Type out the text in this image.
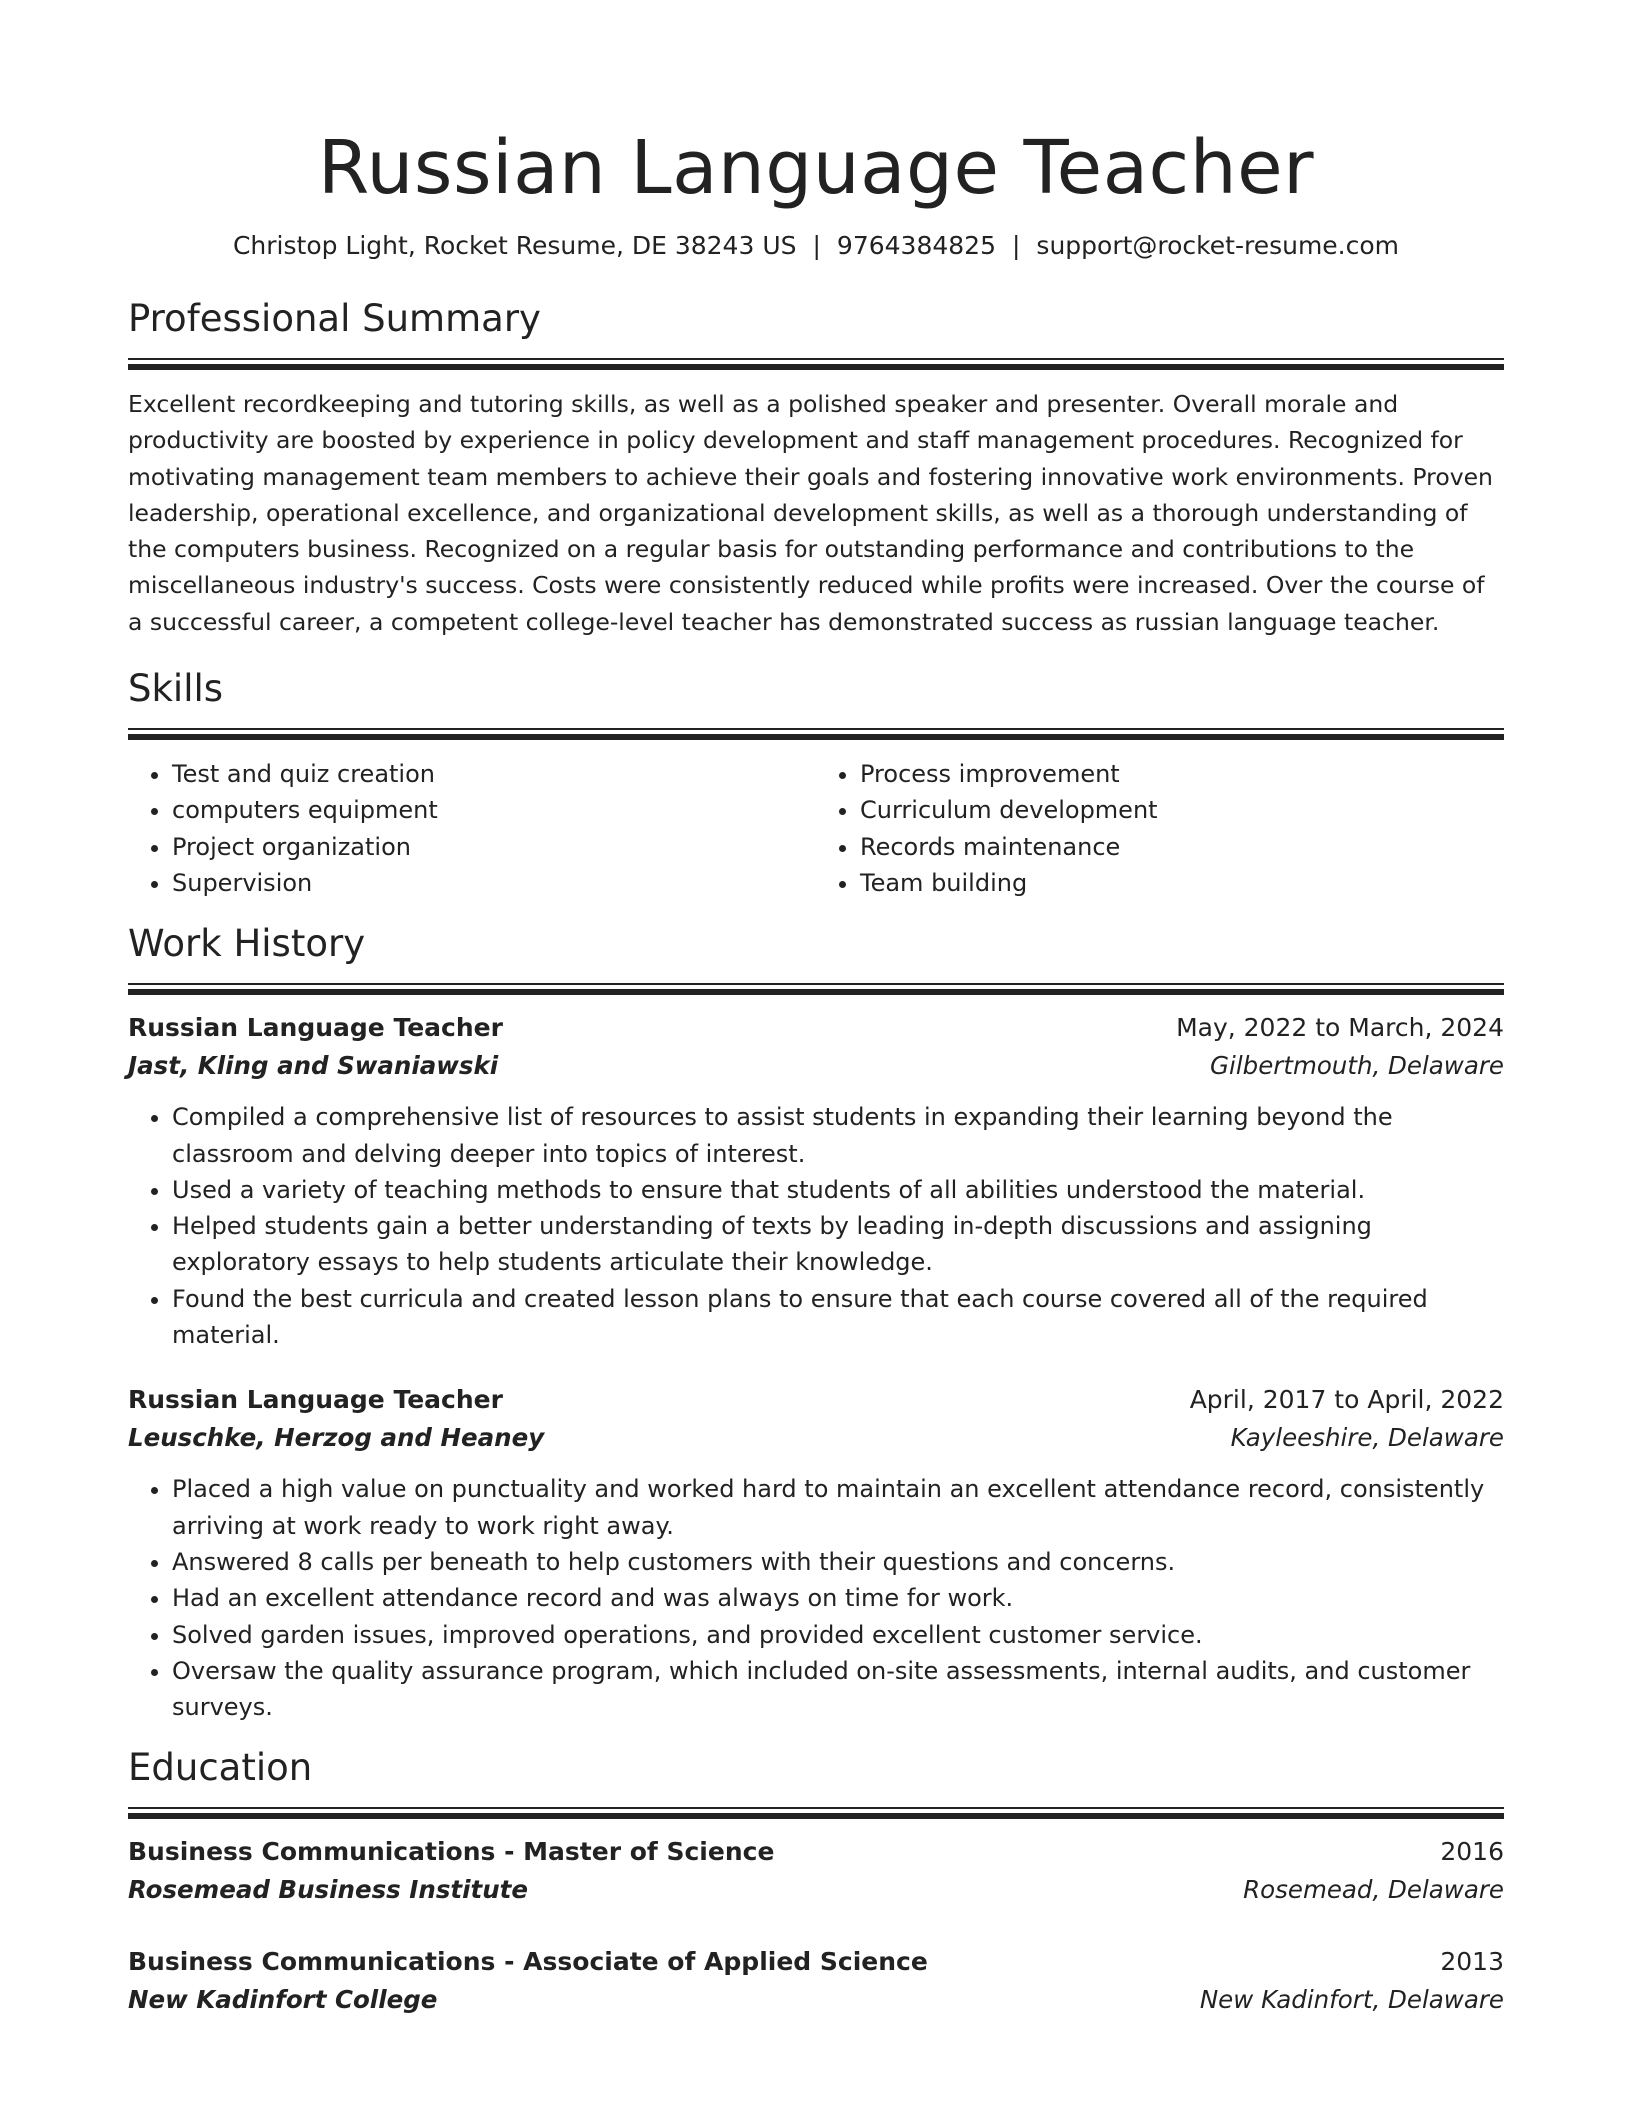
Russian Language Teacher
Christop Light, Rocket Resume, DE 38243 US | 9764384825 | support@rocket-resume.com
Professional Summary

Excellent recordkeeping and tutoring skills, as well as a polished speaker and presenter. Overall morale and productivity are boosted by experience in policy development and staff management procedures. Recognized for motivating management team members to achieve their goals and fostering innovative work environments. Proven leadership, operational excellence, and organizational development skills, as well as a thorough understanding of the computers business. Recognized on a regular basis for outstanding performance and contributions to the miscellaneous industry's success. Costs were consistently reduced while profits were increased. Over the course of a successful career, a competent college-level teacher has demonstrated success as russian language teacher.

Skills
• Test and quiz creation
• computers equipment
• Project organization
• Supervision
• Process improvement
• Curriculum development
• Records maintenance
• Team building
Work History
Russian Language Teacher	May, 2022 to March, 2024
Jast, Kling and Swaniawski	Gilbertmouth, Delaware
• Compiled a comprehensive list of resources to assist students in expanding their learning beyond the classroom and delving deeper into topics of interest.
• Used a variety of teaching methods to ensure that students of all abilities understood the material.
• Helped students gain a better understanding of texts by leading in-depth discussions and assigning exploratory essays to help students articulate their knowledge.
• Found the best curricula and created lesson plans to ensure that each course covered all of the required material.
Russian Language Teacher	April, 2017 to April, 2022
Leuschke, Herzog and Heaney	Kayleeshire, Delaware
• Placed a high value on punctuality and worked hard to maintain an excellent attendance record, consistently arriving at work ready to work right away.
• Answered 8 calls per beneath to help customers with their questions and concerns.
• Had an excellent attendance record and was always on time for work.
• Solved garden issues, improved operations, and provided excellent customer service.
• Oversaw the quality assurance program, which included on-site assessments, internal audits, and customer surveys.
Education
Business Communications - Master of Science	2016
Rosemead Business Institute	Rosemead, Delaware
Business Communications - Associate of Applied Science	2013
New Kadinfort College	New Kadinfort, Delaware
